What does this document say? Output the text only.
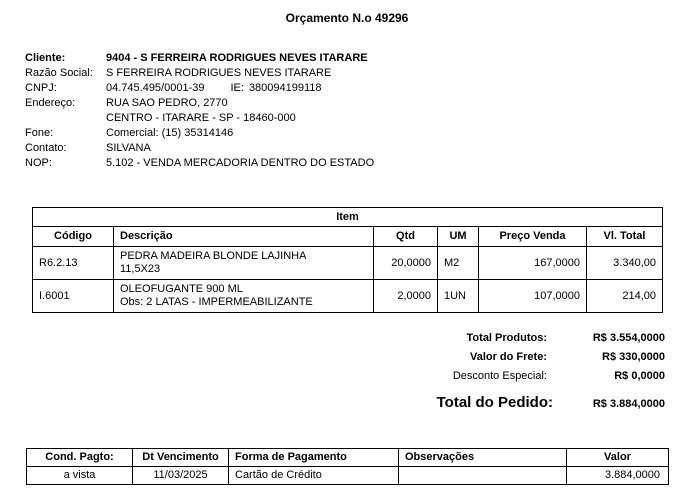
Orçamento N.o 49296
Cliente:	9404 - S FERREIRA RODRIGUES NEVES ITARARE
Razão Social:	S FERREIRA RODRIGUES NEVES ITARARE
CNPJ:	04.745.495/0001-39 IE: 380094199118
Endereço:	RUA SAO PEDRO, 2770
CENTRO - ITARARE - SP - 18460-000
Fone:	Comercial: (15) 35314146
Contato:	SILVANA
NOP:	5.102 - VENDA MERCADORIA DENTRO DO ESTADO
Item					
Código	Descrição	Qtd	UM	Preço Venda	Vl. Total
R6.2.13	PEDRA MADEIRA BLONDE LAJINHA
11,5X23	20,0000	M2	167,0000	3.340,00
I.6001	OLEOFUGANTE 900 ML
Obs: 2 LATAS - IMPERMEABILIZANTE	2,0000	1UN	107,0000	214,00
Total Produtos:	R$ 3.554,0000
Valor do Frete:	R$ 330,0000
Desconto Especial:	R$ 0,0000
Total do Pedido:	R$ 3.884,0000
Cond. Pagto:	Dt Vencimento	Forma de Pagamento	Observações	Valor
a vista	11/03/2025	Cartão de Crédito		3.884,0000
